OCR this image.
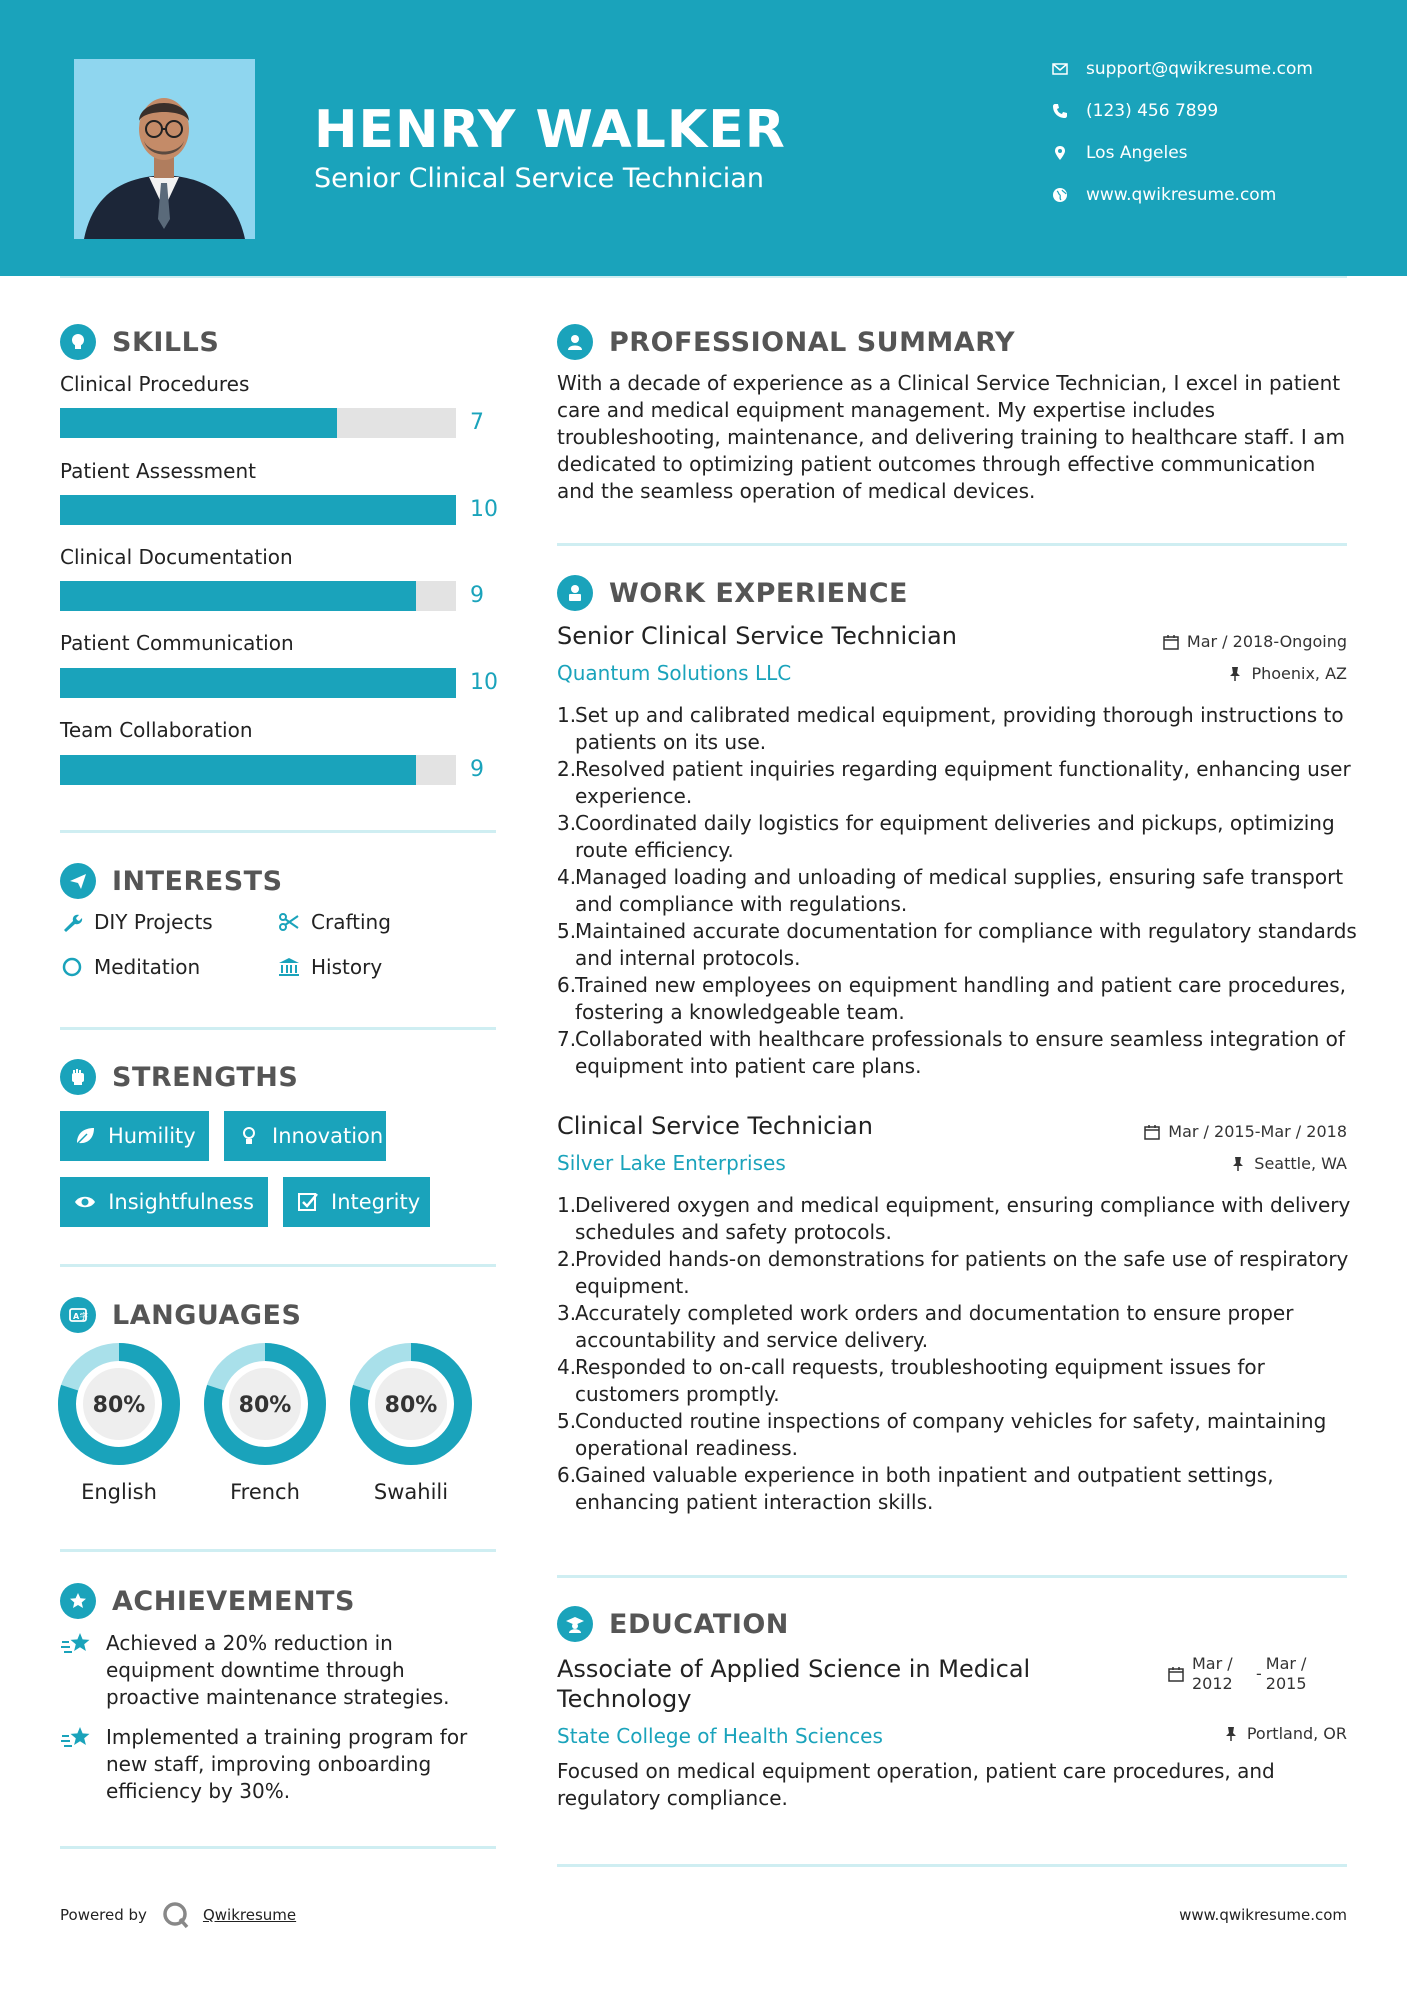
HENRY WALKER
Senior Clinical Service Technician
support@qwikresume.com
(123) 456 7899
Los Angeles
www.qwikresume.com
SKILLS
Clinical Procedures
7
Patient Assessment
10
Clinical Documentation
9
Patient Communication
10
Team Collaboration
9
INTERESTS
DIY Projects	Crafting
Meditation	History
STRENGTHS
Humility	Innovation
Insightfulness	Integrity
A字 LANGUAGES
80%
English
80%
French
80%
Swahili
ACHIEVEMENTS
Achieved a 20% reduction in equipment downtime through proactive maintenance strategies.
Implemented a training program for new staff, improving onboarding efficiency by 30%.
PROFESSIONAL SUMMARY
With a decade of experience as a Clinical Service Technician, I excel in patient care and medical equipment management. My expertise includes troubleshooting, maintenance, and delivering training to healthcare staff. I am dedicated to optimizing patient outcomes through effective communication and the seamless operation of medical devices.
WORK EXPERIENCE
Senior Clinical Service Technician
Quantum Solutions LLC
Mar / 2018-Ongoing
Phoenix, AZ
1.
Set up and calibrated medical equipment, providing thorough instructions to patients on its use.
2.
Resolved patient inquiries regarding equipment functionality, enhancing user experience.
3.
Coordinated daily logistics for equipment deliveries and pickups, optimizing route efficiency.
4.
Managed loading and unloading of medical supplies, ensuring safe transport and compliance with regulations.
5.
Maintained accurate documentation for compliance with regulatory standards and internal protocols.
6.
Trained new employees on equipment handling and patient care procedures, fostering a knowledgeable team.
7.
Collaborated with healthcare professionals to ensure seamless integration of equipment into patient care plans.
Clinical Service Technician
Silver Lake Enterprises
Mar / 2015-Mar / 2018
Seattle, WA
1.
Delivered oxygen and medical equipment, ensuring compliance with delivery schedules and safety protocols.
2.
Provided hands-on demonstrations for patients on the safe use of respiratory equipment.
3.
Accurately completed work orders and documentation to ensure proper accountability and service delivery.
4.
Responded to on-call requests, troubleshooting equipment issues for customers promptly.
5.
Conducted routine inspections of company vehicles for safety, maintaining operational readiness.
6.
Gained valuable experience in both inpatient and outpatient settings, enhancing patient interaction skills.
EDUCATION
Associate of Applied Science in Medical Technology
State College of Health Sciences
Mar / 2012
-
Mar / 2015
Portland, OR
Focused on medical equipment operation, patient care procedures, and regulatory compliance.
Powered by	Qwikresume	www.qwikresume.com
